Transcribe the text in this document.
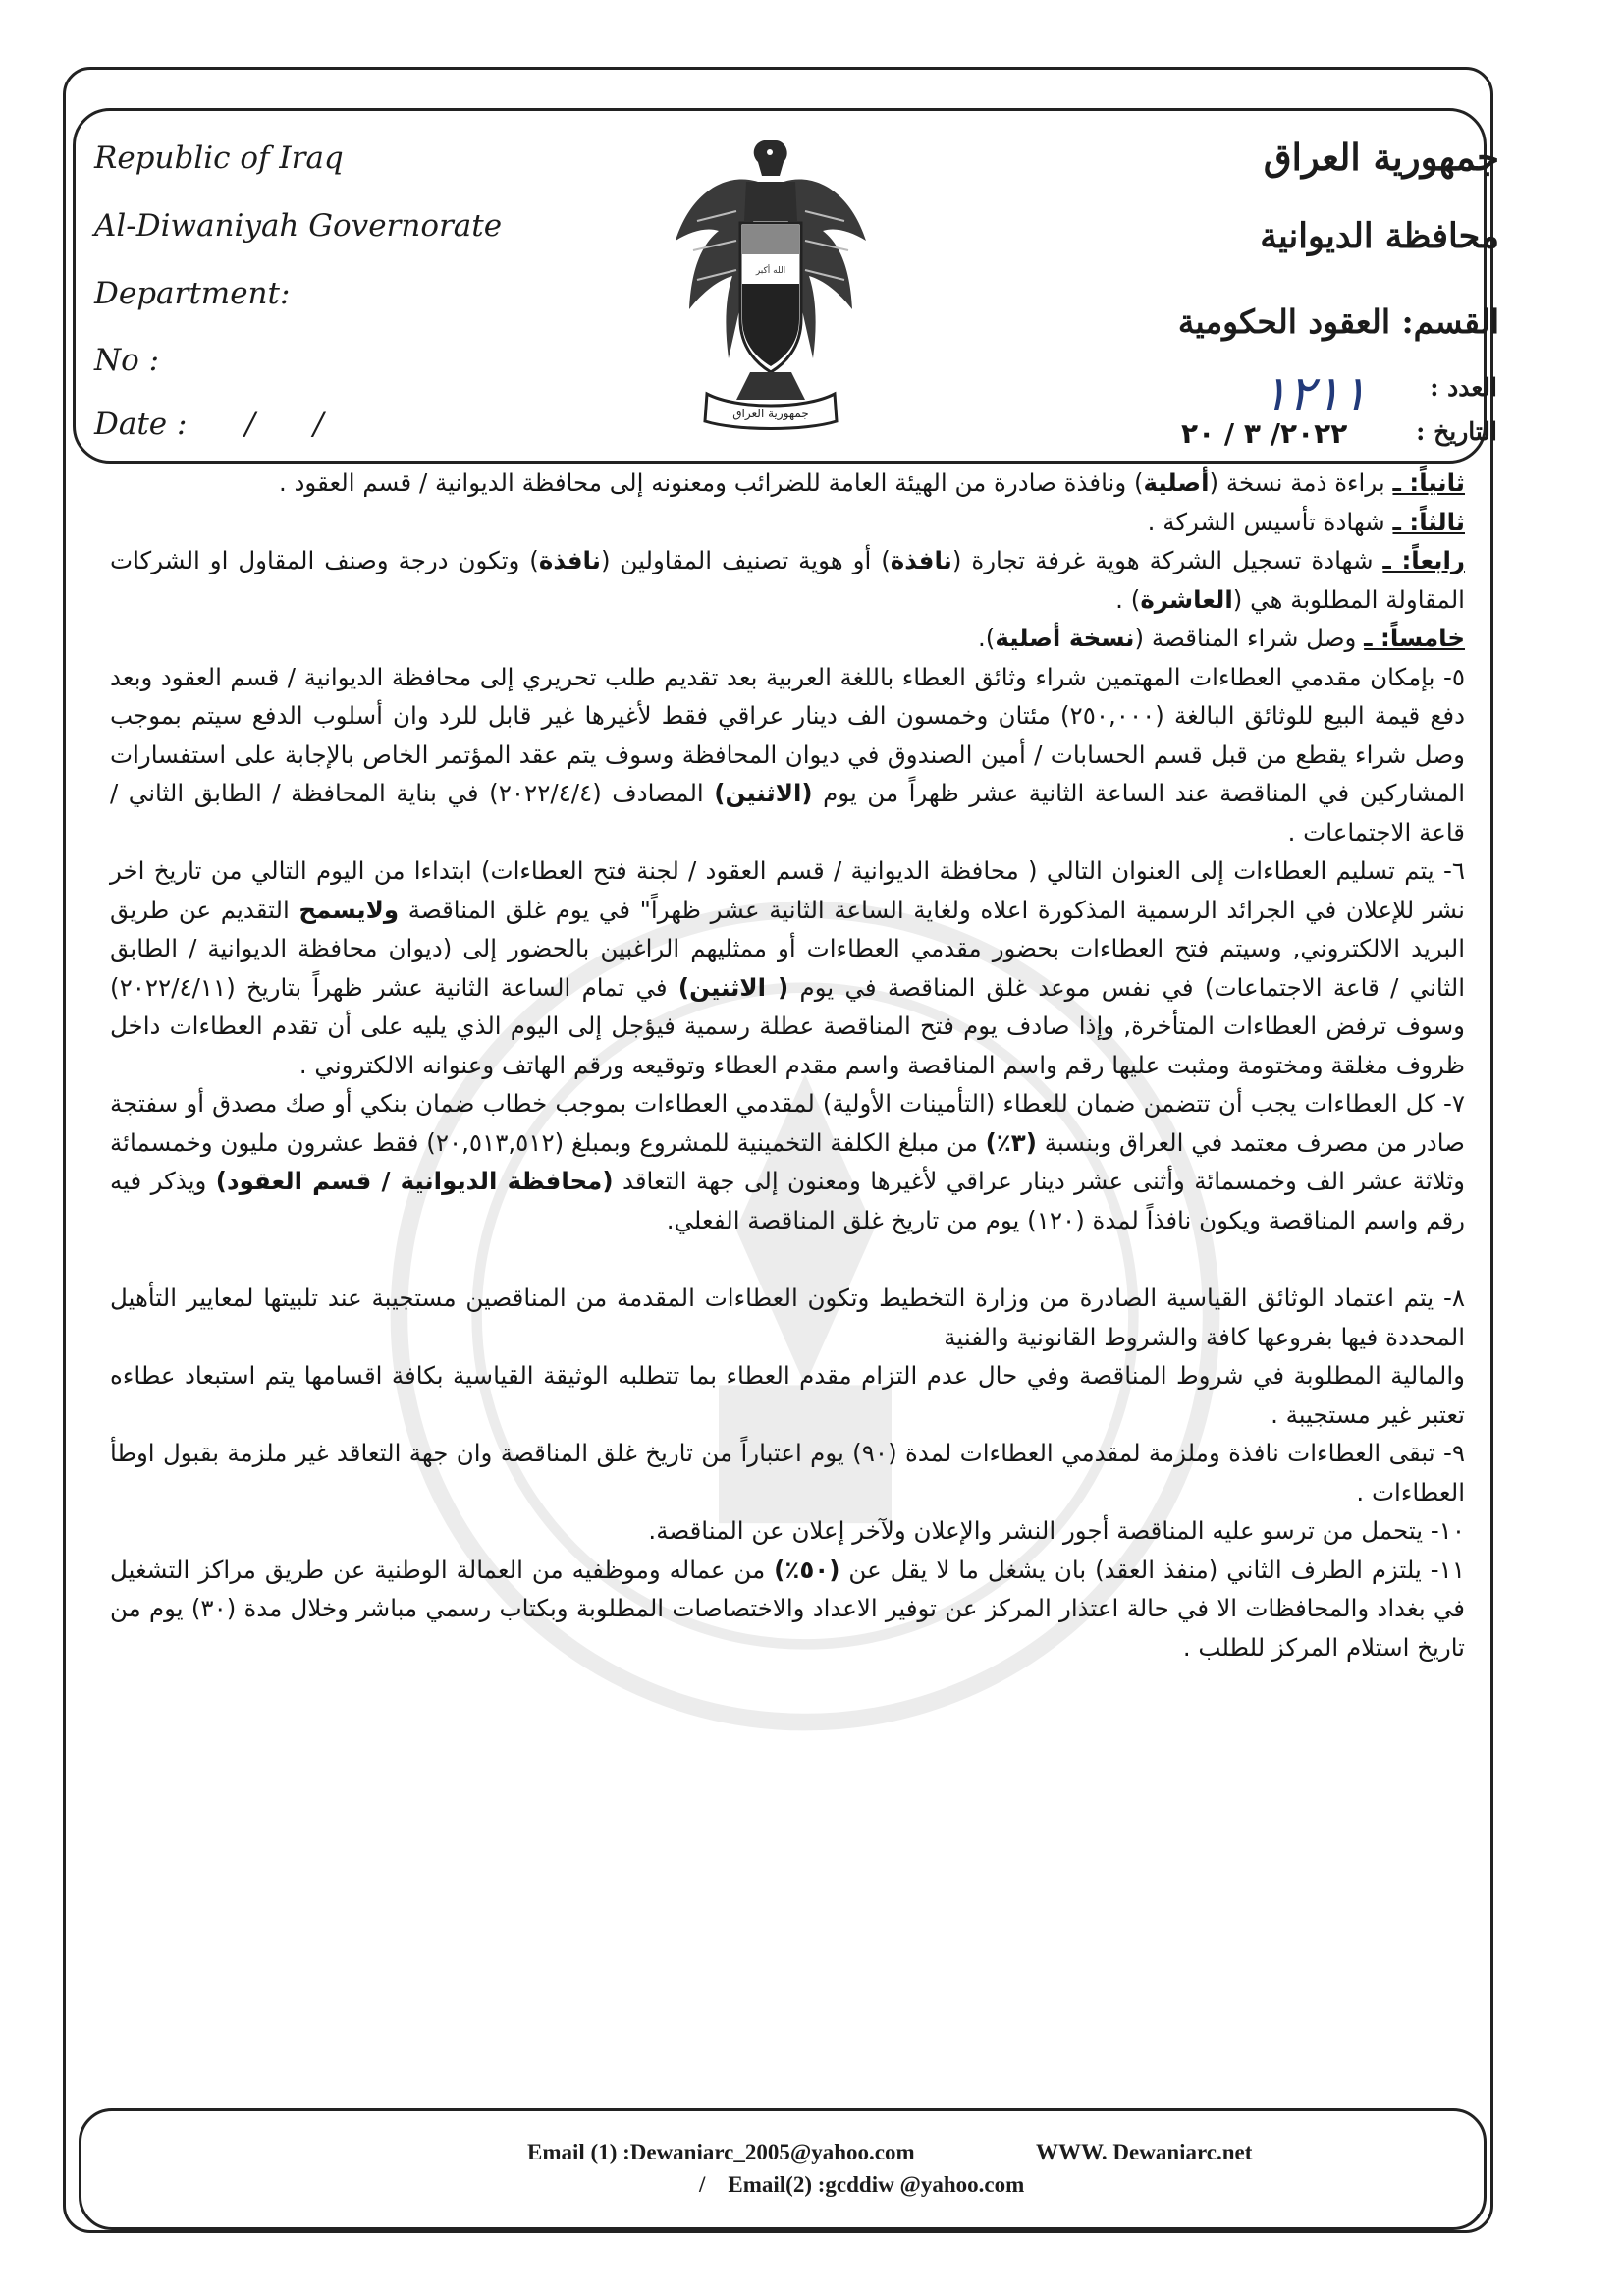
Republic of Iraq
Al-Diwaniyah Governorate
Department:
No :
Date :      /      /
الله أكبر
جمهورية العراق
جمهورية العراق
محافظة الديوانية
القسم: العقود الحكومية
العدد :
التاريخ :
١٢١١
٢٠٢٢/ ٣ / ٢٠

ثانياً: ـ براءة ذمة نسخة (أصلية) ونافذة صادرة من الهيئة العامة للضرائب ومعنونه إلى محافظة الديوانية / قسم العقود .

ثالثاً: ـ شهادة تأسيس الشركة .

رابعاً: ـ شهادة تسجيل الشركة هوية غرفة تجارة (نافذة) أو هوية تصنيف المقاولين (نافذة) وتكون درجة وصنف المقاول او الشركات المقاولة المطلوبة هي (العاشرة) .

خامساً: ـ وصل شراء المناقصة (نسخة أصلية).

٥- بإمكان مقدمي العطاءات المهتمين شراء وثائق العطاء باللغة العربية بعد تقديم طلب تحريري إلى محافظة الديوانية / قسم العقود وبعد دفع قيمة البيع للوثائق البالغة (٢٥٠,٠٠٠) مئتان وخمسون الف دينار عراقي فقط لأغيرها غير قابل للرد وان أسلوب الدفع سيتم بموجب وصل شراء يقطع من قبل قسم الحسابات / أمين الصندوق في ديوان المحافظة وسوف يتم عقد المؤتمر الخاص بالإجابة على استفسارات المشاركين في المناقصة عند الساعة الثانية عشر ظهراً من يوم (الاثنين) المصادف (٢٠٢٢/٤/٤) في بناية المحافظة / الطابق الثاني / قاعة الاجتماعات .

٦- يتم تسليم العطاءات إلى العنوان التالي ( محافظة الديوانية / قسم العقود / لجنة فتح العطاءات) ابتداءا من اليوم التالي من تاريخ اخر نشر للإعلان في الجرائد الرسمية المذكورة اعلاه ولغاية الساعة الثانية عشر ظهراً" في يوم غلق المناقصة ولايسمح التقديم عن طريق البريد الالكتروني, وسيتم فتح العطاءات بحضور مقدمي العطاءات أو ممثليهم الراغبين بالحضور إلى (ديوان محافظة الديوانية / الطابق الثاني / قاعة الاجتماعات) في نفس موعد غلق المناقصة في يوم ( الاثنين) في تمام الساعة الثانية عشر ظهراً بتاريخ (٢٠٢٢/٤/١١) وسوف ترفض العطاءات المتأخرة, وإذا صادف يوم فتح المناقصة عطلة رسمية فيؤجل إلى اليوم الذي يليه على أن تقدم العطاءات داخل ظروف مغلقة ومختومة ومثبت عليها رقم واسم المناقصة واسم مقدم العطاء وتوقيعه ورقم الهاتف وعنوانه الالكتروني .

٧- كل العطاءات يجب أن تتضمن ضمان للعطاء (التأمينات الأولية) لمقدمي العطاءات بموجب خطاب ضمان بنكي أو صك مصدق أو سفتجة صادر من مصرف معتمد في العراق وبنسبة (٣٪) من مبلغ الكلفة التخمينية للمشروع وبمبلغ (٢٠,٥١٣,٥١٢) فقط عشرون مليون وخمسمائة وثلاثة عشر الف وخمسمائة وأثنى عشر دينار عراقي لأغيرها ومعنون إلى جهة التعاقد (محافظة الديوانية / قسم العقود) ويذكر فيه رقم واسم المناقصة ويكون نافذاً لمدة (١٢٠) يوم من تاريخ غلق المناقصة الفعلي.

٨- يتم اعتماد الوثائق القياسية الصادرة من وزارة التخطيط وتكون العطاءات المقدمة من المناقصين مستجيبة عند تلبيتها لمعايير التأهيل المحددة فيها بفروعها كافة والشروط القانونية والفنية

والمالية المطلوبة في شروط المناقصة وفي حال عدم التزام مقدم العطاء بما تتطلبه الوثيقة القياسية بكافة اقسامها يتم استبعاد عطاءه تعتبر غير مستجيبة .

٩- تبقى العطاءات نافذة وملزمة لمقدمي العطاءات لمدة (٩٠) يوم اعتباراً من تاريخ غلق المناقصة وان جهة التعاقد غير ملزمة بقبول اوطأ العطاءات .

١٠- يتحمل من ترسو عليه المناقصة أجور النشر والإعلان ولآخر إعلان عن المناقصة.

١١- يلتزم الطرف الثاني (منفذ العقد) بان يشغل ما لا يقل عن (٥٠٪) من عماله وموظفيه من العمالة الوطنية عن طريق مراكز التشغيل في بغداد والمحافظات الا في حالة اعتذار المركز عن توفير الاعداد والاختصاصات المطلوبة وبكتاب رسمي مباشر وخلال مدة (٣٠) يوم من تاريخ استلام المركز للطلب .

Email (1) :Dewaniarc_2005@yahoo.com	WWW. Dewaniarc.net
/    Email(2) :gcddiw @yahoo.com
